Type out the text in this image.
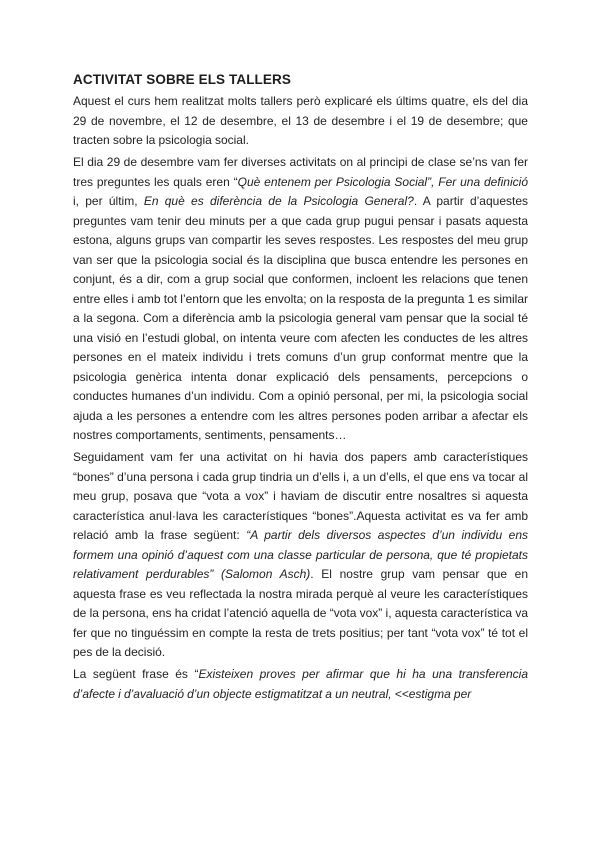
ACTIVITAT SOBRE ELS TALLERS

Aquest el curs hem realitzat molts tallers però explicaré els últims quatre, els del dia 29 de novembre, el 12 de desembre, el 13 de desembre i el 19 de desembre; que tracten sobre la psicologia social.

El dia 29 de desembre vam fer diverses activitats on al principi de clase se’ns van fer tres preguntes les quals eren “Què entenem per Psicologia Social”, Fer una definició i, per últim, En què es diferència de la Psicologia General?. A partir d’aquestes preguntes vam tenir deu minuts per a que cada grup pugui pensar i pasats aquesta estona, alguns grups van compartir les seves respostes. Les respostes del meu grup van ser que la psicologia social és la disciplina que busca entendre les persones en conjunt, és a dir, com a grup social que conformen, incloent les relacions que tenen entre elles i amb tot l’entorn que les envolta; on la resposta de la pregunta 1 es similar a la segona. Com a diferència amb la psicologia general vam pensar que la social té una visió en l’estudi global, on intenta veure com afecten les conductes de les altres persones en el mateix individu i trets comuns d’un grup conformat mentre que la psicologia genèrica intenta donar explicació dels pensaments, percepcions o conductes humanes d’un individu. Com a opinió personal, per mi, la psicologia social ajuda a les persones a entendre com les altres persones poden arribar a afectar els nostres comportaments, sentiments, pensaments…

Seguidament vam fer una activitat on hi havia dos papers amb característiques “bones” d’una persona i cada grup tindria un d’ells i, a un d’ells, el que ens va tocar al meu grup, posava que “vota a vox” i haviam de discutir entre nosaltres si aquesta característica anul·lava les característiques “bones”.Aquesta activitat es va fer amb relació amb la frase següent: “A partir dels diversos aspectes d’un individu ens formem una opinió d’aquest com una classe particular de persona, que té propietats relativament perdurables” (Salomon Asch). El nostre grup vam pensar que en aquesta frase es veu reflectada la nostra mirada perquè al veure les característiques de la persona, ens ha cridat l’atenció aquella de “vota vox” i, aquesta característica va fer que no tinguéssim en compte la resta de trets positius; per tant “vota vox” té tot el pes de la decisió.

La següent frase és “Existeixen proves per afirmar que hi ha una transferencia d’afecte i d’avaluació d’un objecte estigmatitzat a un neutral, <<estigma per
